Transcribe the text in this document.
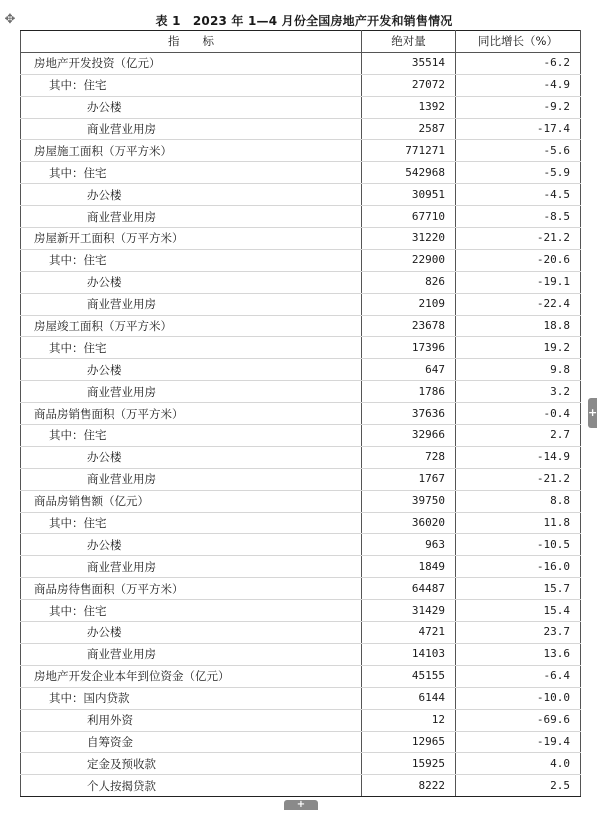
✥	表 1　2023 年 1—4 月份全国房地产开发和销售情况
指　　标	绝对量	同比增长（%）
房地产开发投资（亿元）	35514	-6.2
其中：住宅	27072	-4.9
办公楼	1392	-9.2
商业营业用房	2587	-17.4
房屋施工面积（万平方米）	771271	-5.6
其中：住宅	542968	-5.9
办公楼	30951	-4.5
商业营业用房	67710	-8.5
房屋新开工面积（万平方米）	31220	-21.2
其中：住宅	22900	-20.6
办公楼	826	-19.1
商业营业用房	2109	-22.4
房屋竣工面积（万平方米）	23678	18.8
其中：住宅	17396	19.2
办公楼	647	9.8
商业营业用房	1786	3.2
商品房销售面积（万平方米）	37636	-0.4
其中：住宅	32966	2.7
办公楼	728	-14.9
商业营业用房	1767	-21.2
商品房销售额（亿元）	39750	8.8
其中：住宅	36020	11.8
办公楼	963	-10.5
商业营业用房	1849	-16.0
商品房待售面积（万平方米）	64487	15.7
其中：住宅	31429	15.4
办公楼	4721	23.7
商业营业用房	14103	13.6
房地产开发企业本年到位资金（亿元）	45155	-6.4
其中：国内贷款	6144	-10.0
利用外资	12	-69.6
自筹资金	12965	-19.4
定金及预收款	15925	4.0
个人按揭贷款	8222	2.5
+
+
